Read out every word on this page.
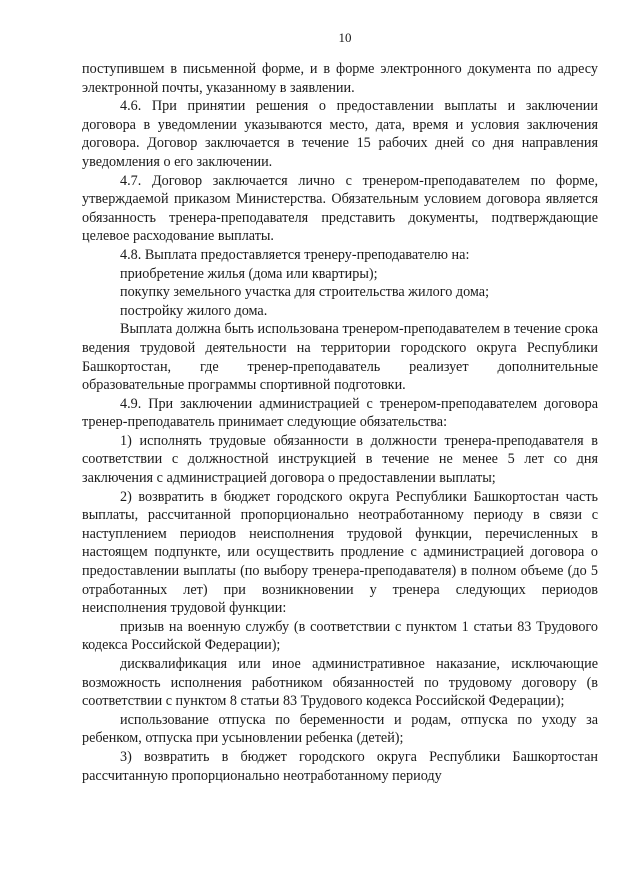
10

поступившем в письменной форме, и в форме электронного документа по адресу электронной почты, указанному в заявлении.

4.6. При принятии решения о предоставлении выплаты и заключении договора в уведомлении указываются место, дата, время и условия заключения договора. Договор заключается в течение 15 рабочих дней со дня направления уведомления о его заключении.

4.7. Договор заключается лично с тренером-преподавателем по форме, утверждаемой приказом Министерства. Обязательным условием договора является обязанность тренера-преподавателя представить документы, подтверждающие целевое расходование выплаты.

4.8. Выплата предоставляется тренеру-преподавателю на:

приобретение жилья (дома или квартиры);

покупку земельного участка для строительства жилого дома;

постройку жилого дома.

Выплата должна быть использована тренером-преподавателем в течение срока ведения трудовой деятельности на территории городского округа Республики Башкортостан, где тренер-преподаватель реализует дополнительные образовательные программы спортивной подготовки.

4.9. При заключении администрацией с тренером-преподавателем договора тренер-преподаватель принимает следующие обязательства:

1) исполнять трудовые обязанности в должности тренера-преподавателя в соответствии с должностной инструкцией в течение не менее 5 лет со дня заключения с администрацией договора о предоставлении выплаты;

2) возвратить в бюджет городского округа Республики Башкортостан часть выплаты, рассчитанной пропорционально неотработанному периоду в связи с наступлением периодов неисполнения трудовой функции, перечисленных в настоящем подпункте, или осуществить продление с администрацией договора о предоставлении выплаты (по выбору тренера-преподавателя) в полном объеме (до 5 отработанных лет) при возникновении у тренера следующих периодов неисполнения трудовой функции:

призыв на военную службу (в соответствии с пунктом 1 статьи 83 Трудового кодекса Российской Федерации);

дисквалификация или иное административное наказание, исключающие возможность исполнения работником обязанностей по трудовому договору (в соответствии с пунктом 8 статьи 83 Трудового кодекса Российской Федерации);

использование отпуска по беременности и родам, отпуска по уходу за ребенком, отпуска при усыновлении ребенка (детей);

3) возвратить в бюджет городского округа Республики Башкортостан рассчитанную пропорционально неотработанному периоду
